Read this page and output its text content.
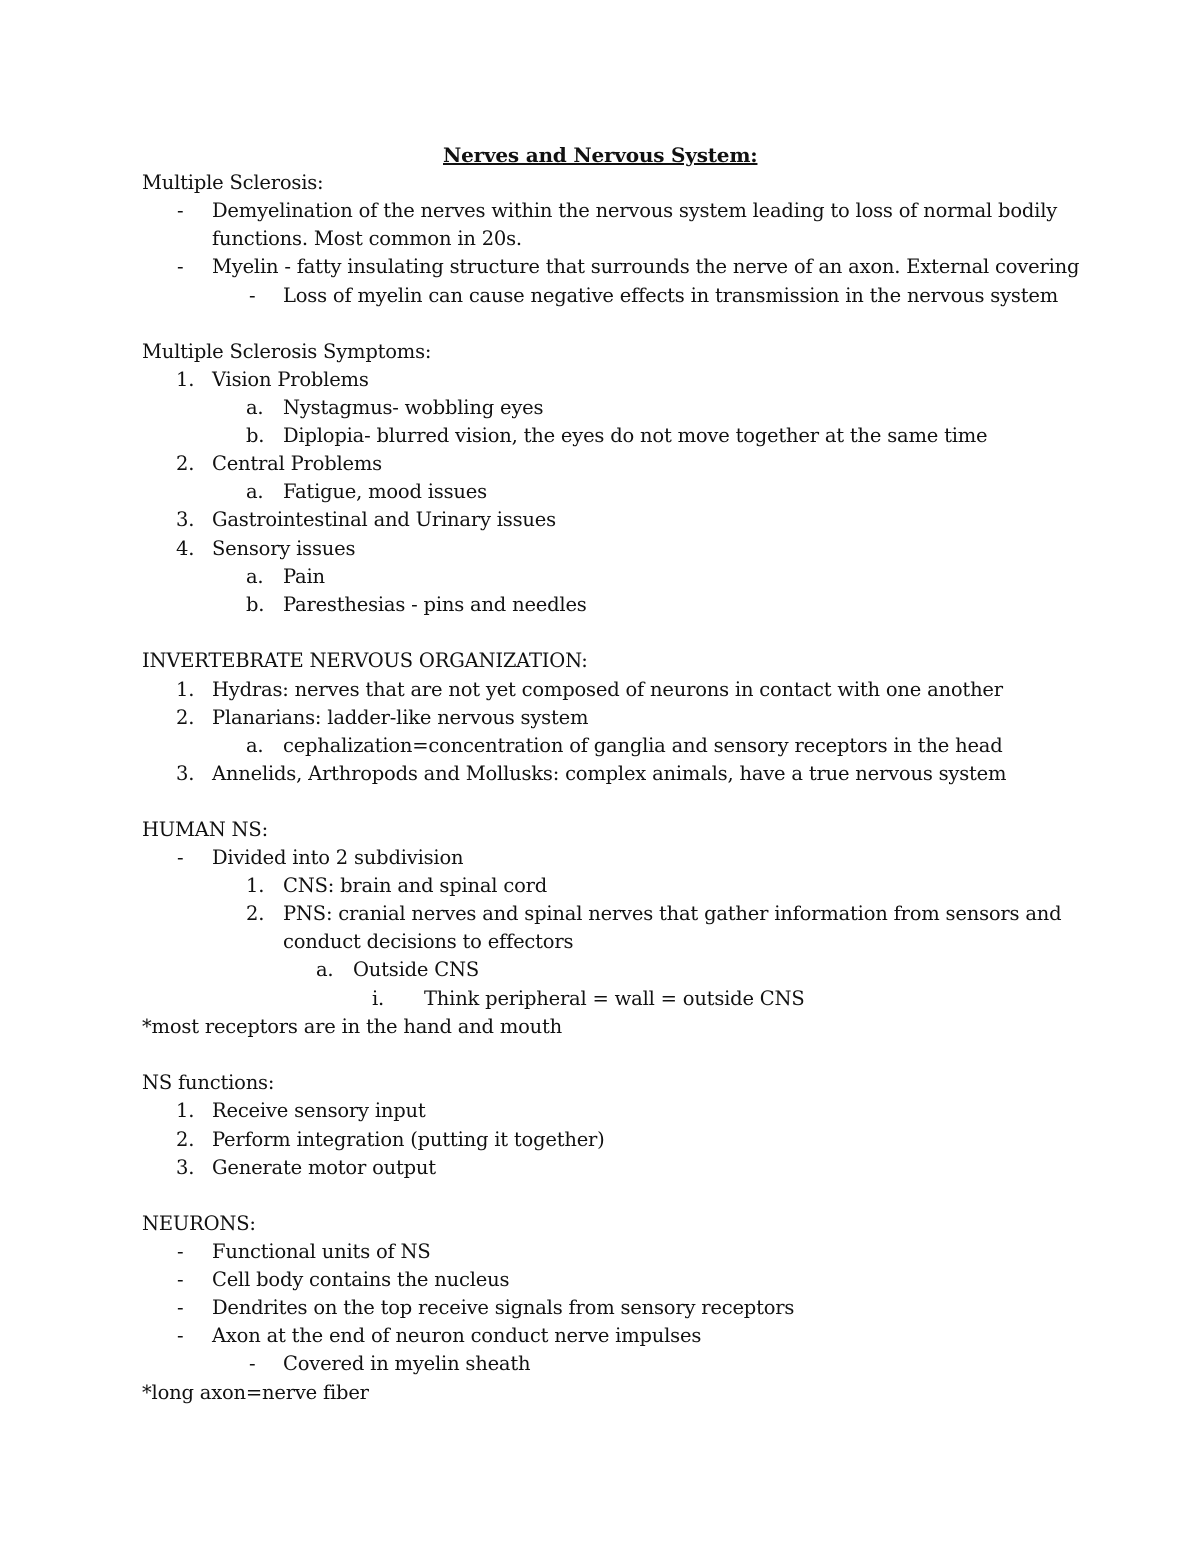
Nerves and Nervous System:
Multiple Sclerosis:
- Demyelination of the nerves within the nervous system leading to loss of normal bodily
functions. Most common in 20s.
- Myelin - fatty insulating structure that surrounds the nerve of an axon. External covering
- Loss of myelin can cause negative effects in transmission in the nervous system
Multiple Sclerosis Symptoms:
1. Vision Problems
a. Nystagmus- wobbling eyes
b. Diplopia- blurred vision, the eyes do not move together at the same time
2. Central Problems
a. Fatigue, mood issues
3. Gastrointestinal and Urinary issues
4. Sensory issues
a. Pain
b. Paresthesias - pins and needles
INVERTEBRATE NERVOUS ORGANIZATION:
1. Hydras: nerves that are not yet composed of neurons in contact with one another
2. Planarians: ladder-like nervous system
a. cephalization=concentration of ganglia and sensory receptors in the head
3. Annelids, Arthropods and Mollusks: complex animals, have a true nervous system
HUMAN NS:
- Divided into 2 subdivision
1. CNS: brain and spinal cord
2. PNS: cranial nerves and spinal nerves that gather information from sensors and
conduct decisions to effectors
a. Outside CNS
i. Think peripheral = wall = outside CNS
*most receptors are in the hand and mouth
NS functions:
1. Receive sensory input
2. Perform integration (putting it together)
3. Generate motor output
NEURONS:
- Functional units of NS
- Cell body contains the nucleus
- Dendrites on the top receive signals from sensory receptors
- Axon at the end of neuron conduct nerve impulses
- Covered in myelin sheath
*long axon=nerve fiber
